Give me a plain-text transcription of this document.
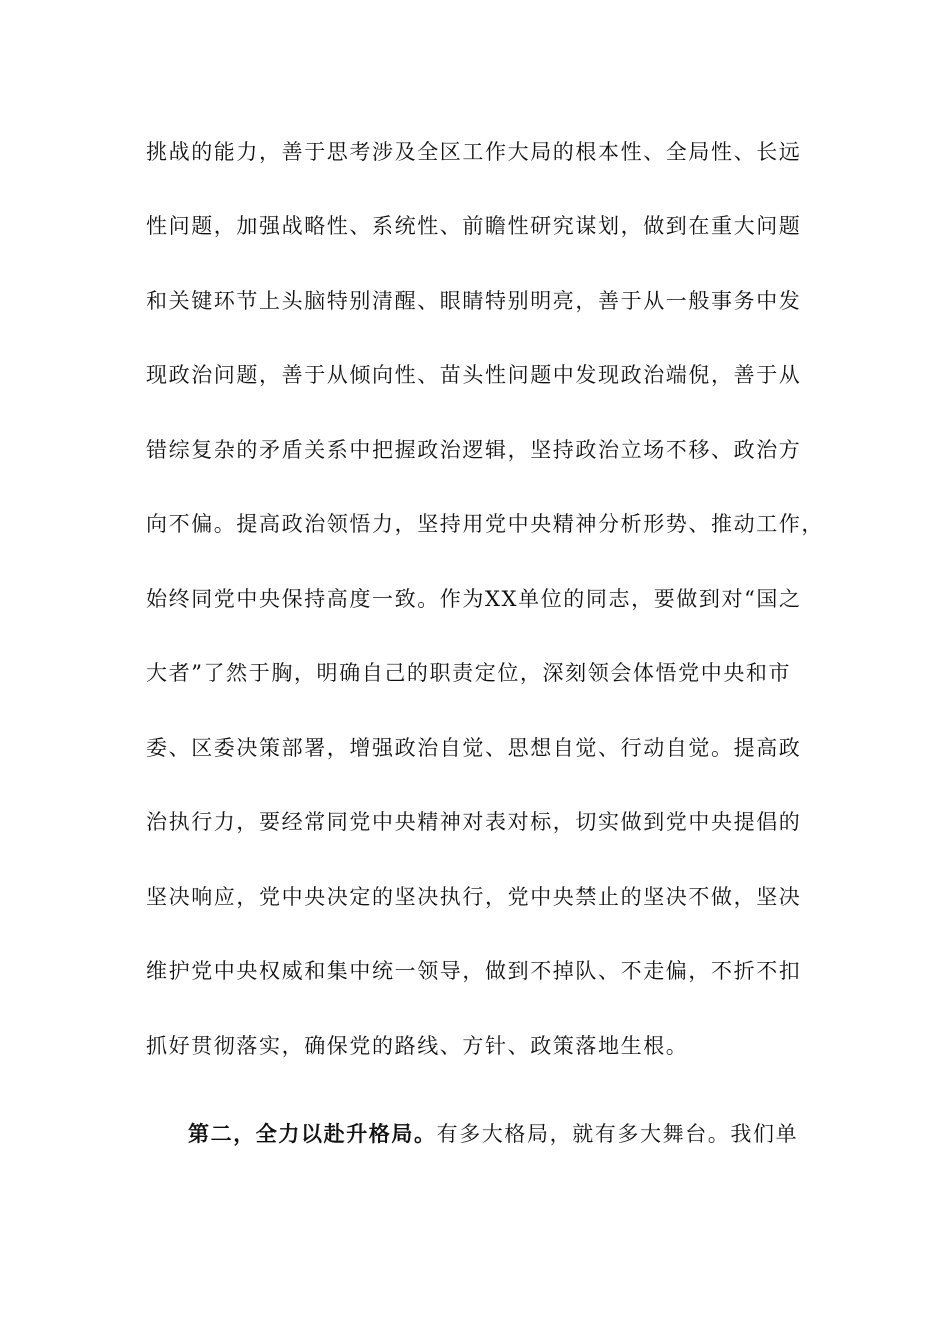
挑战的能力，善于思考涉及全区工作大局的根本性、全局性、长远
性问题，加强战略性、系统性、前瞻性研究谋划，做到在重大问题
和关键环节上头脑特别清醒、眼睛特别明亮，善于从一般事务中发
现政治问题，善于从倾向性、苗头性问题中发现政治端倪，善于从
错综复杂的矛盾关系中把握政治逻辑，坚持政治立场不移、政治方
向不偏。提高政治领悟力，坚持用党中央精神分析形势、推动工作，
始终同党中央保持高度一致。作为XX单位的同志，要做到对“国之
大者”了然于胸，明确自己的职责定位，深刻领会体悟党中央和市
委、区委决策部署，增强政治自觉、思想自觉、行动自觉。提高政
治执行力，要经常同党中央精神对表对标，切实做到党中央提倡的
坚决响应，党中央决定的坚决执行，党中央禁止的坚决不做，坚决
维护党中央权威和集中统一领导，做到不掉队、不走偏，不折不扣
抓好贯彻落实，确保党的路线、方针、政策落地生根。
第二，全力以赴升格局。有多大格局，就有多大舞台。我们单
